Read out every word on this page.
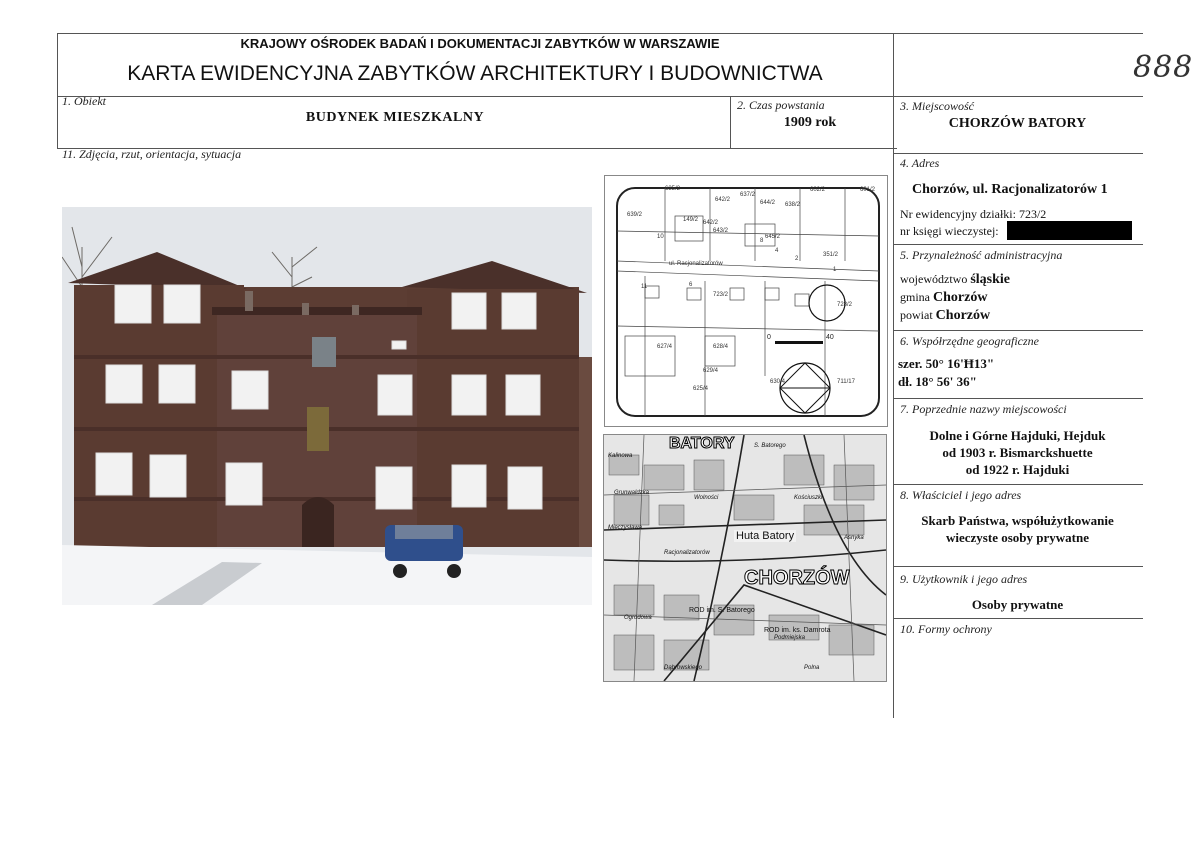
KRAJOWY OŚRODEK BADAŃ I DOKUMENTACJI ZABYTKÓW W WARSZAWIE
KARTA EWIDENCYJNA ZABYTKÓW ARCHITEKTURY I BUDOWNICTWA	888
1. Obiekt
BUDYNEK MIESZKALNY
2. Czas powstania
1909 rok
3. Miejscowość
CHORZÓW BATORY
11. Zdjęcia, rzut, orientacja, sytuacja
4. Adres
Chorzów, ul. Racjonalizatorów 1
Nr ewidencyjny działki: 723/2
nr księgi wieczystej:
5. Przynależność administracyjna
województwo śląskie
gmina Chorzów
powiat Chorzów
6. Współrzędne geograficzne
szer. 50° 16'Ħ13"
dł. 18° 56' 36"
7. Poprzednie nazwy miejscowości
Dolne i Górne Hajduki, Hejduk
od 1903 r. Bismarckshuette
od 1922 r. Hajduki
8. Właściciel i jego adres
Skarb Państwa, współużytkowanie
wieczyste osoby prywatne
9. Użytkownik i jego adres
Osoby prywatne
10. Formy ochrony
635/2
637/2
642/2	644/2 638/2
602/2	601/2
639/2
149/2 642/2
643/2
645/2
351/2
723/2
728/2
627/4	628/4
630/4
629/4
625/4
711/17
11	6
1
2
4
8
10
ul. Racjonalizatorów
0	40
BATORY
Huta Batory
CHORZÓW
ROD im. S. Batorego
ROD im. ks. Damrota
Kalinowa
Grunwaldzka
Wolności
Racjonalizatorów
Kościuszki
Mieczysława
S. Batorego
Podmiejska
Ogrodowa
Polna
Asnyka
Dąbrowskiego
